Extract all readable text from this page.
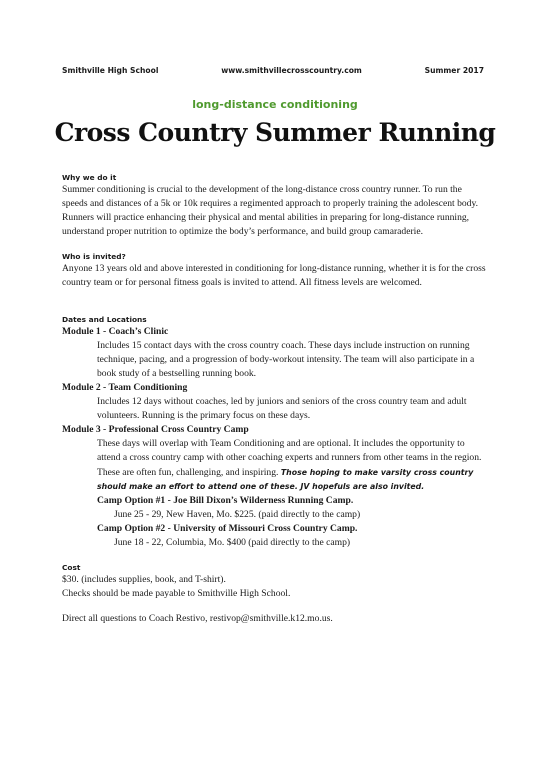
Smithville High School	www.smithvillecrosscountry.com	Summer 2017
long-distance conditioning
Cross Country Summer Running

Why we do it

Summer conditioning is crucial to the development of the long-distance cross country runner. To run the speeds and distances of a 5k or 10k requires a regimented approach to properly training the adolescent body. Runners will practice enhancing their physical and mental abilities in preparing for long-distance running, understand proper nutrition to optimize the body’s performance, and build group camaraderie.

Who is invited?

Anyone 13 years old and above interested in conditioning for long-distance running, whether it is for the cross country team or for personal fitness goals is invited to attend. All fitness levels are welcomed.

Dates and Locations

Module 1 - Coach’s Clinic

Includes 15 contact days with the cross country coach. These days include instruction on running technique, pacing, and a progression of body-workout intensity. The team will also participate in a book study of a bestselling running book.

Module 2 - Team Conditioning

Includes 12 days without coaches, led by juniors and seniors of the cross country team and adult volunteers. Running is the primary focus on these days.

Module 3 - Professional Cross Country Camp

These days will overlap with Team Conditioning and are optional. It includes the opportunity to attend a cross country camp with other coaching experts and runners from other teams in the region. These are often fun, challenging, and inspiring. Those hoping to make varsity cross country should make an effort to attend one of these. JV hopefuls are also invited.

Camp Option #1 - Joe Bill Dixon’s Wilderness Running Camp.

June 25 - 29, New Haven, Mo. $225. (paid directly to the camp)

Camp Option #2 - University of Missouri Cross Country Camp.

June 18 - 22, Columbia, Mo. $400 (paid directly to the camp)

Cost

$30. (includes supplies, book, and T-shirt).

Checks should be made payable to Smithville High School.

Direct all questions to Coach Restivo, restivop@smithville.k12.mo.us.
